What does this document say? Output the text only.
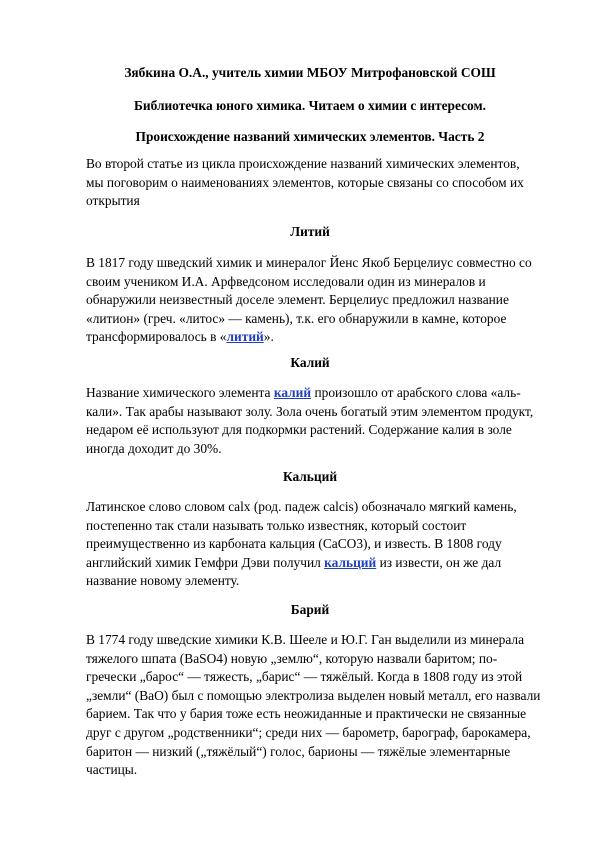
Зябкина О.А., учитель химии МБОУ Митрофановской СОШ
Библиотечка юного химика. Читаем о химии с интересом.
Происхождение названий химических элементов. Часть 2
Во второй статье из цикла происхождение названий химических элементов,
мы поговорим о наименованиях элементов, которые связаны со способом их
открытия
Литий
В 1817 году шведский химик и минералог Йенс Якоб Берцелиус совместно со
своим учеником И.А. Арфведсоном исследовали один из минералов и
обнаружили неизвестный доселе элемент. Берцелиус предложил название
«литион» (греч. «литос» — камень), т.к. его обнаружили в камне, которое
трансформировалось в «литий».
Калий
Название химического элемента калий произошло от арабского слова «аль-
кали». Так арабы называют золу. Зола очень богатый этим элементом продукт,
недаром её используют для подкормки растений. Содержание калия в золе
иногда доходит до 30%.
Кальций
Латинское слово словом calx (род. падеж calcis) обозначало мягкий камень,
постепенно так стали называть только известняк, который состоит
преимущественно из карбоната кальция (CaCO3), и известь. В 1808 году
английский химик Гемфри Дэви получил кальций из извести, он же дал
название новому элементу.
Барий
В 1774 году шведские химики К.В. Шееле и Ю.Г. Ган выделили из минерала
тяжелого шпата (BaSO4) новую „землю“, которую назвали баритом; по-
гречески „барос“ — тяжесть, „барис“ — тяжёлый. Когда в 1808 году из этой
„земли“ (BaO) был с помощью электролиза выделен новый металл, его назвали
барием. Так что у бария тоже есть неожиданные и практически не связанные
друг с другом „родственники“; среди них — барометр, барограф, барокамера,
баритон — низкий („тяжёлый“) голос, барионы — тяжёлые элементарные
частицы.
